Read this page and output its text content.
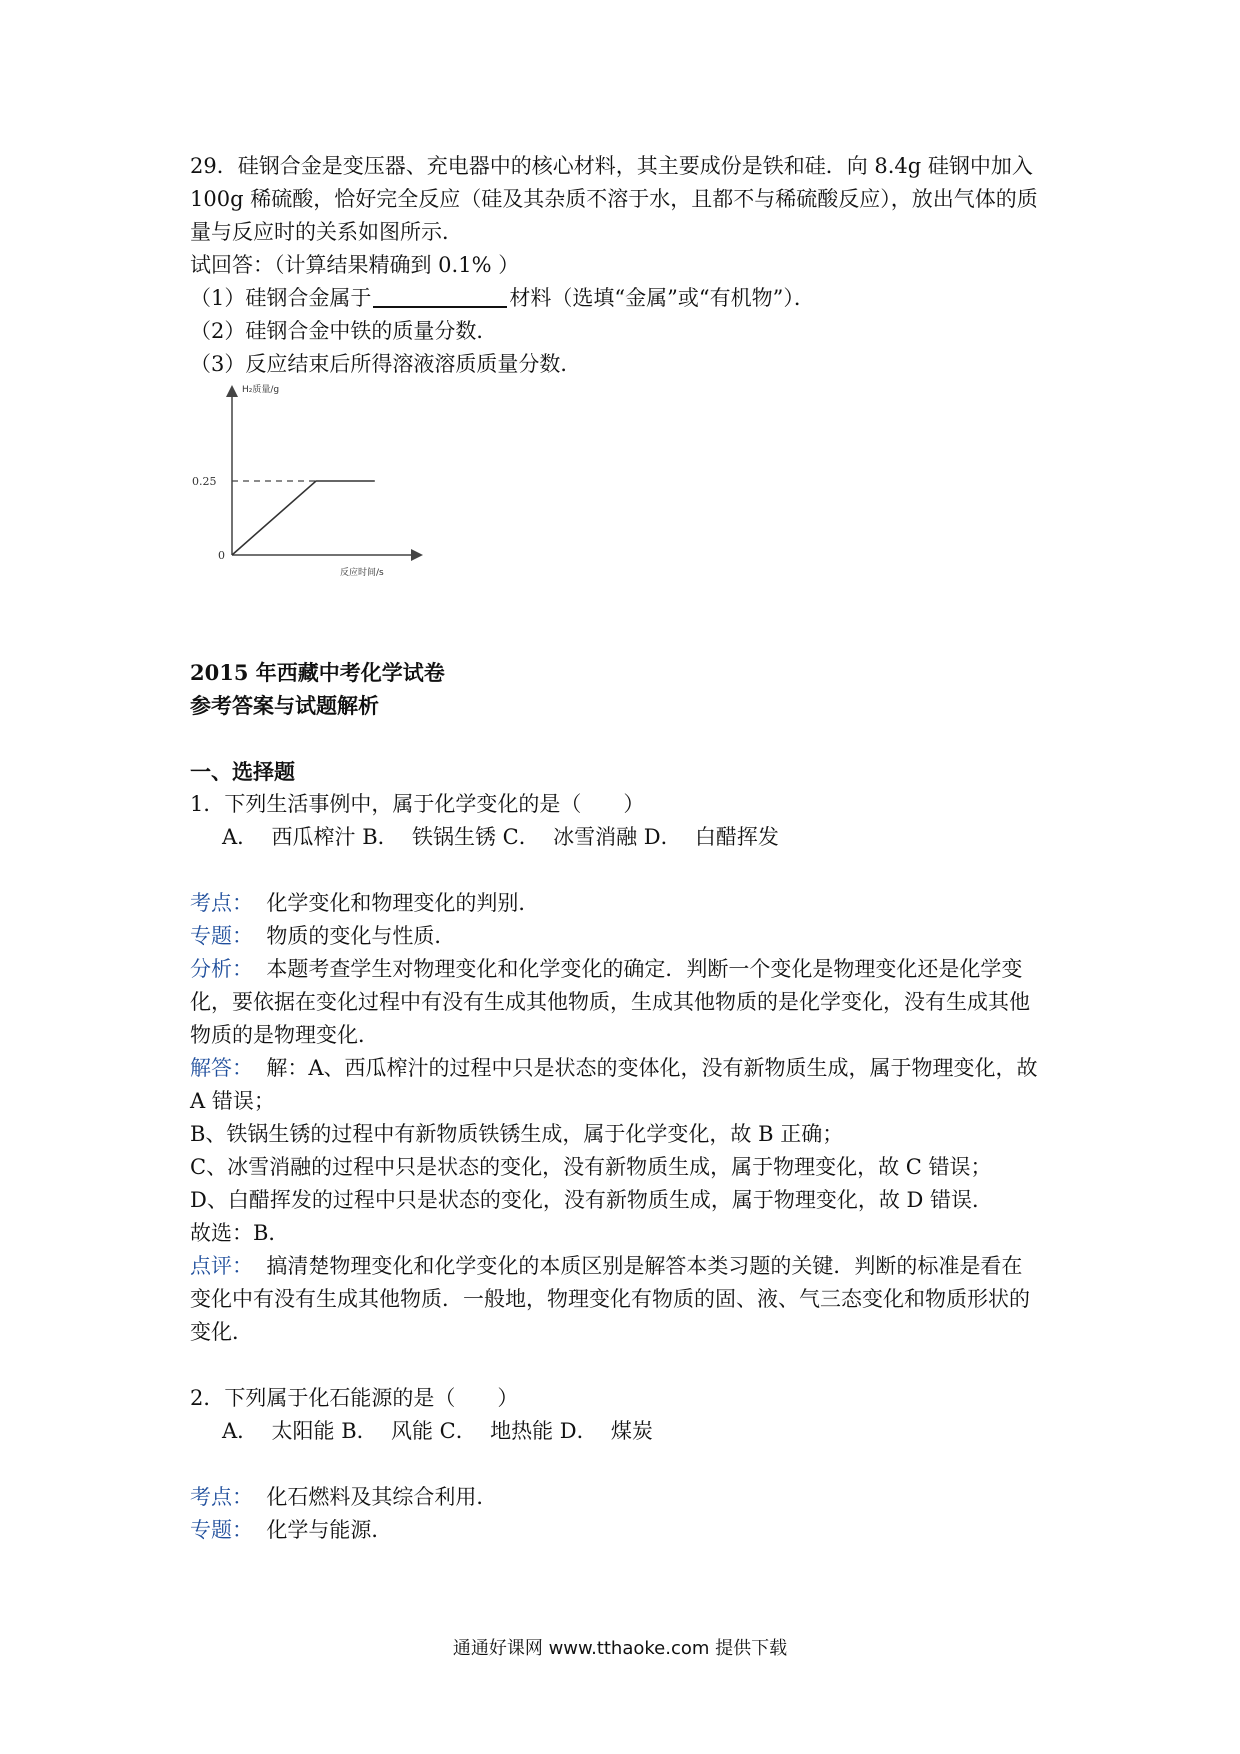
29．硅钢合金是变压器、充电器中的核心材料，其主要成份是铁和硅．向 8.4g 硅钢中加入
100g 稀硫酸，恰好完全反应（硅及其杂质不溶于水，且都不与稀硫酸反应），放出气体的质
量与反应时的关系如图所示．
试回答：（计算结果精确到 0.1% ）
（1）硅钢合金属于	材料（选填“金属”或“有机物”）．
（2）硅钢合金中铁的质量分数．
（3）反应结束后所得溶液溶质质量分数．
2015 年西藏中考化学试卷
参考答案与试题解析
一、选择题
1．下列生活事例中，属于化学变化的是（　　）
A．  西瓜榨汁 B．  铁锅生锈 C．  冰雪消融 D．  白醋挥发
考点：  化学变化和物理变化的判别．
专题：  物质的变化与性质．
分析：  本题考查学生对物理变化和化学变化的确定．判断一个变化是物理变化还是化学变
化，要依据在变化过程中有没有生成其他物质，生成其他物质的是化学变化，没有生成其他
物质的是物理变化．
解答：  解：A、西瓜榨汁的过程中只是状态的变体化，没有新物质生成，属于物理变化，故
A 错误；
B、铁锅生锈的过程中有新物质铁锈生成，属于化学变化，故 B 正确；
C、冰雪消融的过程中只是状态的变化，没有新物质生成，属于物理变化，故 C 错误；
D、白醋挥发的过程中只是状态的变化，没有新物质生成，属于物理变化，故 D 错误．
故选：B．
点评：  搞清楚物理变化和化学变化的本质区别是解答本类习题的关键．判断的标准是看在
变化中有没有生成其他物质．一般地，物理变化有物质的固、液、气三态变化和物质形状的
变化．
2．下列属于化石能源的是（　　）
A．  太阳能 B．  风能 C．  地热能 D．  煤炭
考点：  化石燃料及其综合利用．
专题：  化学与能源．
H₂质量/g
反应时间/s
0
0.25
通通好课网 www.tthaoke.com 提供下载
